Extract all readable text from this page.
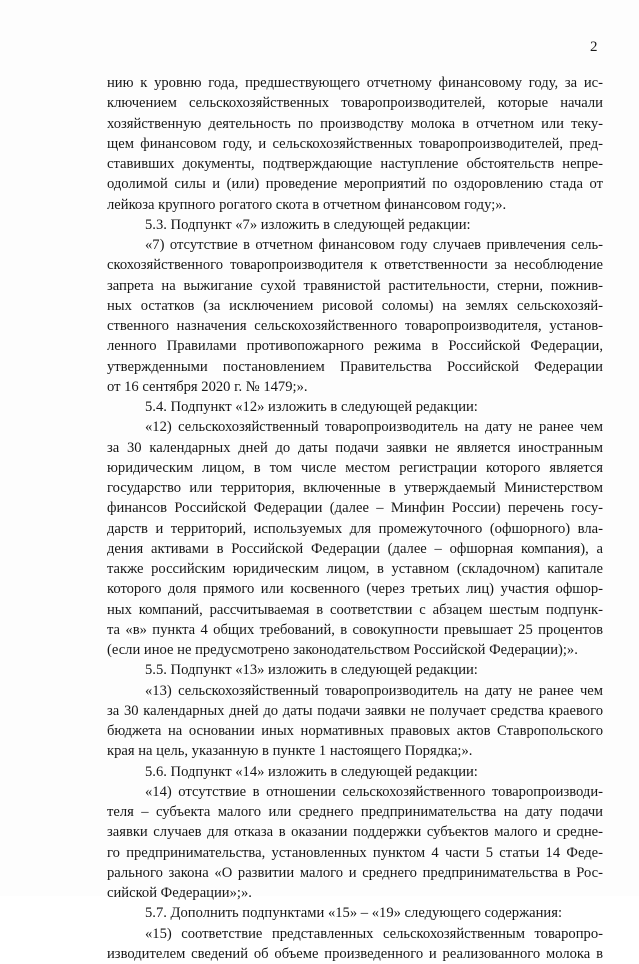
2
нию к уровню года, предшествующего отчетному финансовому году, за ис-
ключением сельскохозяйственных товаропроизводителей, которые начали
хозяйственную деятельность по производству молока в отчетном или теку-
щем финансовом году, и сельскохозяйственных товаропроизводителей, пред-
ставивших документы, подтверждающие наступление обстоятельств непре-
одолимой силы и (или) проведение мероприятий по оздоровлению стада от
лейкоза крупного рогатого скота в отчетном финансовом году;».
5.3. Подпункт «7» изложить в следующей редакции:
«7) отсутствие в отчетном финансовом году случаев привлечения сель-
скохозяйственного товаропроизводителя к ответственности за несоблюдение
запрета на выжигание сухой травянистой растительности, стерни, пожнив-
ных остатков (за исключением рисовой соломы) на землях сельскохозяй-
ственного назначения сельскохозяйственного товаропроизводителя, установ-
ленного Правилами противопожарного режима в Российской Федерации,
утвержденными постановлением Правительства Российской Федерации
от 16 сентября 2020 г. № 1479;».
5.4. Подпункт «12» изложить в следующей редакции:
«12) сельскохозяйственный товаропроизводитель на дату не ранее чем
за 30 календарных дней до даты подачи заявки не является иностранным
юридическим лицом, в том числе местом регистрации которого является
государство или территория, включенные в утверждаемый Министерством
финансов Российской Федерации (далее – Минфин России) перечень госу-
дарств и территорий, используемых для промежуточного (офшорного) вла-
дения активами в Российской Федерации (далее – офшорная компания), а
также российским юридическим лицом, в уставном (складочном) капитале
которого доля прямого или косвенного (через третьих лиц) участия офшор-
ных компаний, рассчитываемая в соответствии с абзацем шестым подпунк-
та «в» пункта 4 общих требований, в совокупности превышает 25 процентов
(если иное не предусмотрено законодательством Российской Федерации);».
5.5. Подпункт «13» изложить в следующей редакции:
«13) сельскохозяйственный товаропроизводитель на дату не ранее чем
за 30 календарных дней до даты подачи заявки не получает средства краевого
бюджета на основании иных нормативных правовых актов Ставропольского
края на цель, указанную в пункте 1 настоящего Порядка;».
5.6. Подпункт «14» изложить в следующей редакции:
«14) отсутствие в отношении сельскохозяйственного товаропроизводи-
теля – субъекта малого или среднего предпринимательства на дату подачи
заявки случаев для отказа в оказании поддержки субъектов малого и средне-
го предпринимательства, установленных пунктом 4 части 5 статьи 14 Феде-
рального закона «О развитии малого и среднего предпринимательства в Рос-
сийской Федерации»;».
5.7. Дополнить подпунктами «15» – «19» следующего содержания:
«15) соответствие представленных сельскохозяйственным товаропро-
изводителем сведений об объеме произведенного и реализованного молока в
